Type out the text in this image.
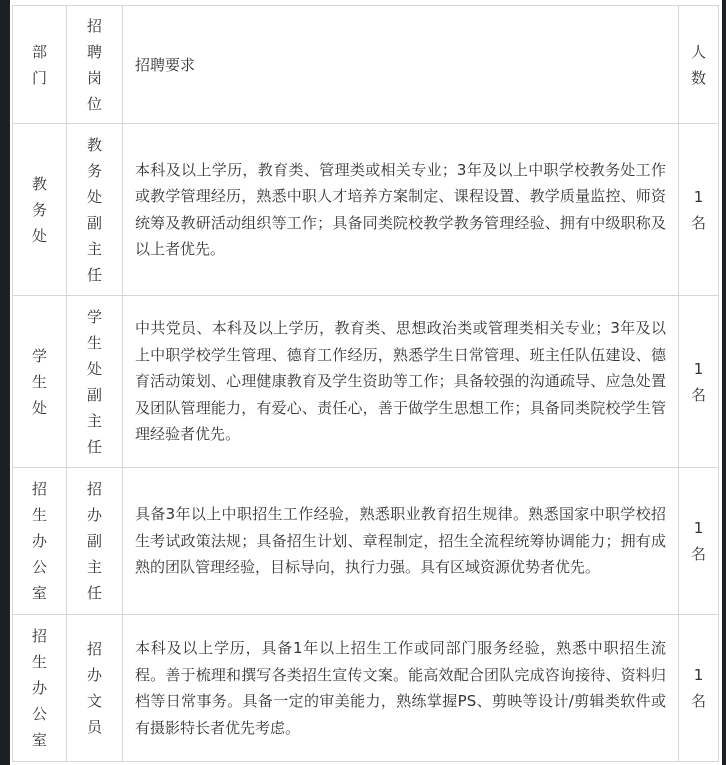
部门	招聘岗位	招聘要求	人数

教务处	教务处副主任	本科及以上学历，教育类、管理类或相关专业；3年及以上中职学校教务处工作或教学管理经历，熟悉中职人才培养方案制定、课程设置、教学质量监控、师资统筹及教研活动组织等工作；具备同类院校教学教务管理经验、拥有中级职称及以上者优先。	1名

学生处	学生处副主任	中共党员、本科及以上学历，教育类、思想政治类或管理类相关专业；3年及以上中职学校学生管理、德育工作经历，熟悉学生日常管理、班主任队伍建设、德育活动策划、心理健康教育及学生资助等工作；具备较强的沟通疏导、应急处置及团队管理能力，有爱心、责任心，善于做学生思想工作；具备同类院校学生管理经验者优先。	1名

招生办公室	招办副主任	具备3年以上中职招生工作经验，熟悉职业教育招生规律。熟悉国家中职学校招生考试政策法规；具备招生计划、章程制定，招生全流程统筹协调能力；拥有成熟的团队管理经验，目标导向，执行力强。具有区域资源优势者优先。	1名

招生办公室	招办文员	本科及以上学历，具备1年以上招生工作或同部门服务经验，熟悉中职招生流程。善于梳理和撰写各类招生宣传文案。能高效配合团队完成咨询接待、资料归档等日常事务。具备一定的审美能力，熟练掌握PS、剪映等设计/剪辑类软件或有摄影特长者优先考虑。	1名
